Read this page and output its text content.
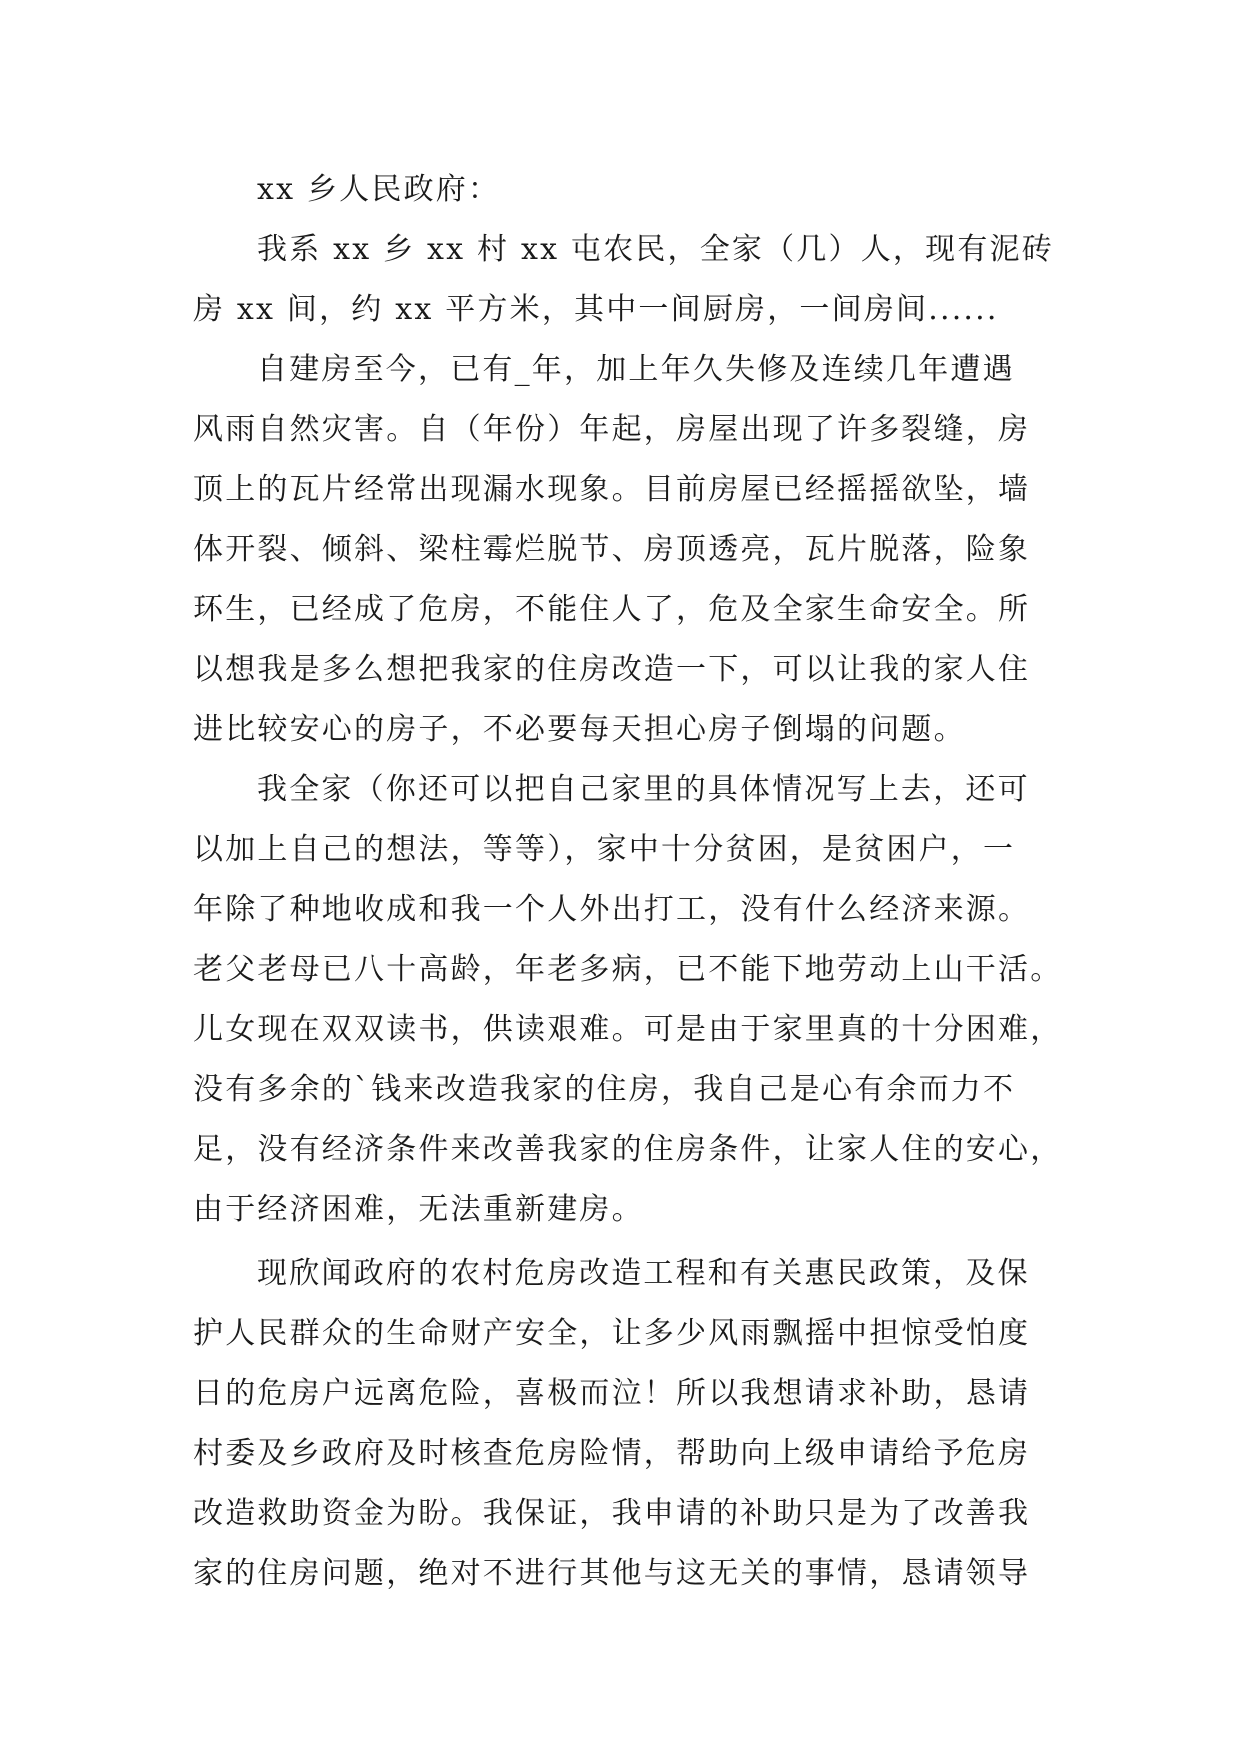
xx 乡人民政府：
我系 xx 乡 xx 村 xx 屯农民，全家（几）人，现有泥砖
房 xx 间，约 xx 平方米，其中一间厨房，一间房间......
自建房至今，已有_年，加上年久失修及连续几年遭遇
风雨自然灾害。自（年份）年起，房屋出现了许多裂缝，房
顶上的瓦片经常出现漏水现象。目前房屋已经摇摇欲坠，墙
体开裂、倾斜、梁柱霉烂脱节、房顶透亮，瓦片脱落，险象
环生，已经成了危房，不能住人了，危及全家生命安全。所
以想我是多么想把我家的住房改造一下，可以让我的家人住
进比较安心的房子，不必要每天担心房子倒塌的问题。
我全家（你还可以把自己家里的具体情况写上去，还可
以加上自己的想法，等等），家中十分贫困，是贫困户，一
年除了种地收成和我一个人外出打工，没有什么经济来源。
老父老母已八十高龄，年老多病，已不能下地劳动上山干活。
儿女现在双双读书，供读艰难。可是由于家里真的十分困难，
没有多余的`钱来改造我家的住房，我自己是心有余而力不
足，没有经济条件来改善我家的住房条件，让家人住的安心，
由于经济困难，无法重新建房。
现欣闻政府的农村危房改造工程和有关惠民政策，及保
护人民群众的生命财产安全，让多少风雨飘摇中担惊受怕度
日的危房户远离危险，喜极而泣！所以我想请求补助，恳请
村委及乡政府及时核查危房险情，帮助向上级申请给予危房
改造救助资金为盼。我保证，我申请的补助只是为了改善我
家的住房问题，绝对不进行其他与这无关的事情，恳请领导
